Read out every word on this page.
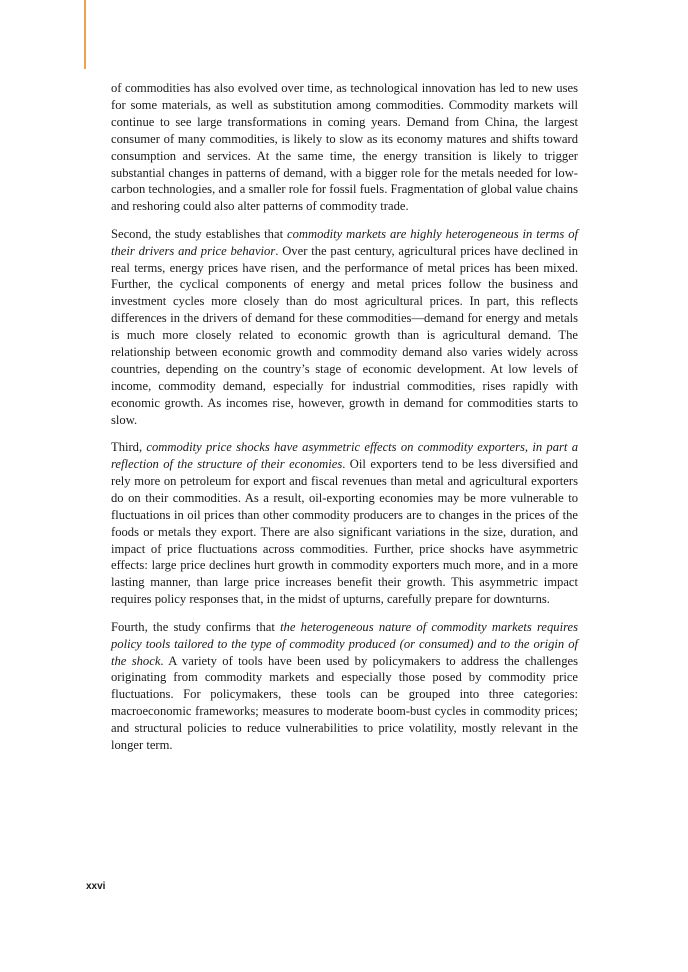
of commodities has also evolved over time, as technological innovation has led to new uses for some materials, as well as substitution among commodities. Commodity markets will continue to see large transformations in coming years. Demand from China, the largest consumer of many commodities, is likely to slow as its economy matures and shifts toward consumption and services. At the same time, the energy transition is likely to trigger substantial changes in patterns of demand, with a bigger role for the metals needed for low-carbon technologies, and a smaller role for fossil fuels. Fragmentation of global value chains and reshoring could also alter patterns of commodity trade.

Second, the study establishes that commodity markets are highly heterogeneous in terms of their drivers and price behavior. Over the past century, agricultural prices have declined in real terms, energy prices have risen, and the performance of metal prices has been mixed. Further, the cyclical components of energy and metal prices follow the business and investment cycles more closely than do most agricultural prices. In part, this reflects differences in the drivers of demand for these commodities—demand for energy and metals is much more closely related to economic growth than is agricultural demand. The relationship between economic growth and commodity demand also varies widely across countries, depending on the country’s stage of economic development. At low levels of income, commodity demand, especially for industrial commodities, rises rapidly with economic growth. As incomes rise, however, growth in demand for commodities starts to slow.

Third, commodity price shocks have asymmetric effects on commodity exporters, in part a reflection of the structure of their economies. Oil exporters tend to be less diversified and rely more on petroleum for export and fiscal revenues than metal and agricultural exporters do on their commodities. As a result, oil-exporting economies may be more vulnerable to fluctuations in oil prices than other commodity producers are to changes in the prices of the foods or metals they export. There are also significant variations in the size, duration, and impact of price fluctuations across commodities. Further, price shocks have asymmetric effects: large price declines hurt growth in commodity exporters much more, and in a more lasting manner, than large price increases benefit their growth. This asymmetric impact requires policy responses that, in the midst of upturns, carefully prepare for downturns.

Fourth, the study confirms that the heterogeneous nature of commodity markets requires policy tools tailored to the type of commodity produced (or consumed) and to the origin of the shock. A variety of tools have been used by policymakers to address the challenges originating from commodity markets and especially those posed by commodity price fluctuations. For policymakers, these tools can be grouped into three categories: macroeconomic frameworks; measures to moderate boom-bust cycles in commodity prices; and structural policies to reduce vulnerabilities to price volatility, mostly relevant in the longer term.

xxvi
